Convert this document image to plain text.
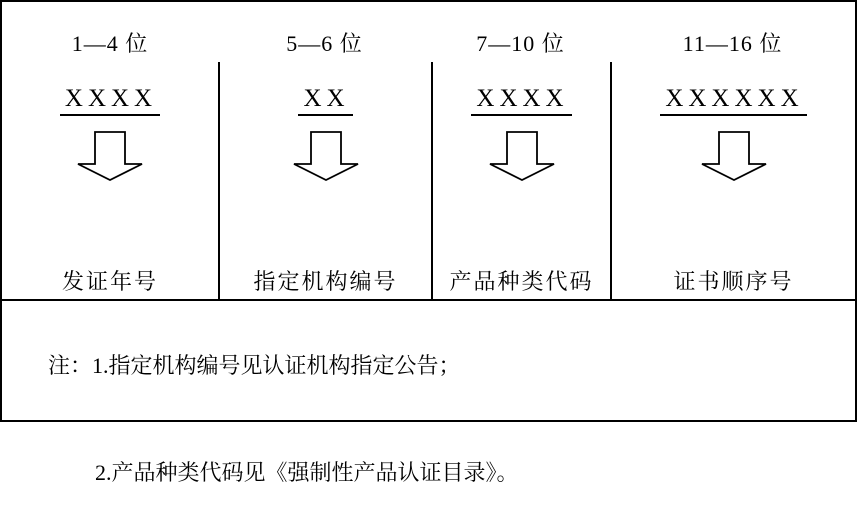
1—4 位
XXXX
发证年号
5—6 位
XX
指定机构编号
7—10 位
XXXX
产品种类代码
11—16 位
XXXXXX
证书顺序号

注：1.指定机构编号见认证机构指定公告；

2.产品种类代码见《强制性产品认证目录》。
